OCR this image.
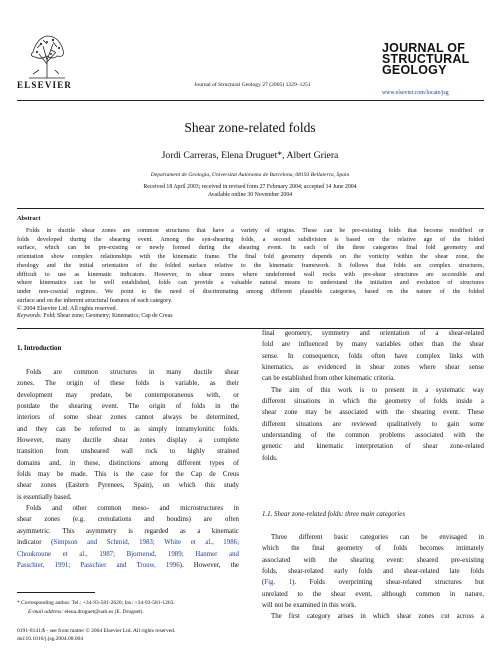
ELSEVIER	Journal of Structural Geology 27 (2005) 1229–1251
JOURNAL OF
STRUCTURAL
GEOLOGY
www.elsevier.com/locate/jsg
Shear zone-related folds
Jordi Carreras, Elena Druguet*, Albert Griera
Departament de Geologia, Universitat Autònoma de Barcelona, 08193 Bellaterra, Spain
Received 18 April 2003; received in revised form 27 February 2004; accepted 14 June 2004
Available online 30 November 2004
Abstract
Folds in ductile shear zones are common structures that have a variety of origins. These can be pre-existing folds that become modified or
folds developed during the shearing event. Among the syn-shearing folds, a second subdivision is based on the relative age of the folded
surface, which can be pre-existing or newly formed during the shearing event. In each of the three categories final fold geometry and
orientation show complex relationships with the kinematic frame. The final fold geometry depends on the vorticity within the shear zone, the
rheology and the initial orientation of the folded surface relative to the kinematic framework. It follows that folds are complex structures,
difficult to use as kinematic indicators. However, in shear zones where undeformed wall rocks with pre-shear structures are accessible and
where kinematics can be well established, folds can provide a valuable natural means to understand the initiation and evolution of structures
under non-coaxial regimes. We point to the need of discriminating among different plausible categories, based on the nature of the folded
surface and on the inherent structural features of each category.
© 2004 Elsevier Ltd. All rights reserved.
Keywords: Fold; Shear zone; Geometry; Kinematics; Cap de Creus
1. Introduction
Folds are common structures in many ductile shear
zones. The origin of these folds is variable, as their
development may predate, be contemporaneous with, or
postdate the shearing event. The origin of folds in the
interiors of some shear zones cannot always be determined,
and they can be referred to as simply intramylonitic folds.
However, many ductile shear zones display a complete
transition from unsheared wall rock to highly strained
domains and, in these, distinctions among different types of
folds may be made. This is the case for the Cap de Creus
shear zones (Eastern Pyrenees, Spain), on which this study
is essentially based.
Folds and other common meso- and microstructures in
shear zones (e.g. crenulations and boudins) are often
asymmetric. This asymmetry is regarded as a kinematic
indicator (Simpson and Schmid, 1983; White et al., 1986;
Choukroune et al., 1987; Bjornerud, 1989; Hanmer and
Passchier, 1991; Passchier and Trouw, 1996). However, the
final geometry, symmetry and orientation of a shear-related
fold are influenced by many variables other than the shear
sense. In consequence, folds often have complex links with
kinematics, as evidenced in shear zones where shear sense
can be established from other kinematic criteria.
The aim of this work is to present in a systematic way
different situations in which the geometry of folds inside a
shear zone may be associated with the shearing event. These
different situations are reviewed qualitatively to gain some
understanding of the common problems associated with the
genetic and kinematic interpretation of shear zone-related
folds.
1.1. Shear zone-related folds: three main categories
Three different basic categories can be envisaged in
which the final geometry of folds becomes intimately
associated with the shearing event: sheared pre-existing
folds, shear-related early folds and shear-related late folds
(Fig. 1). Folds overprinting shear-related structures but
unrelated to the shear event, although common in nature,
will not be examined in this work.
The first category arises in which shear zones cut across a
* Corresponding author. Tel.: +34-93-581-2620; fax: +34-93-581-1263.
E-mail address: elena.druguet@uab.es (E. Druguet).
0191-8141/$ - see front matter © 2004 Elsevier Ltd. All rights reserved.
doi:10.1016/j.jsg.2004.08.004
